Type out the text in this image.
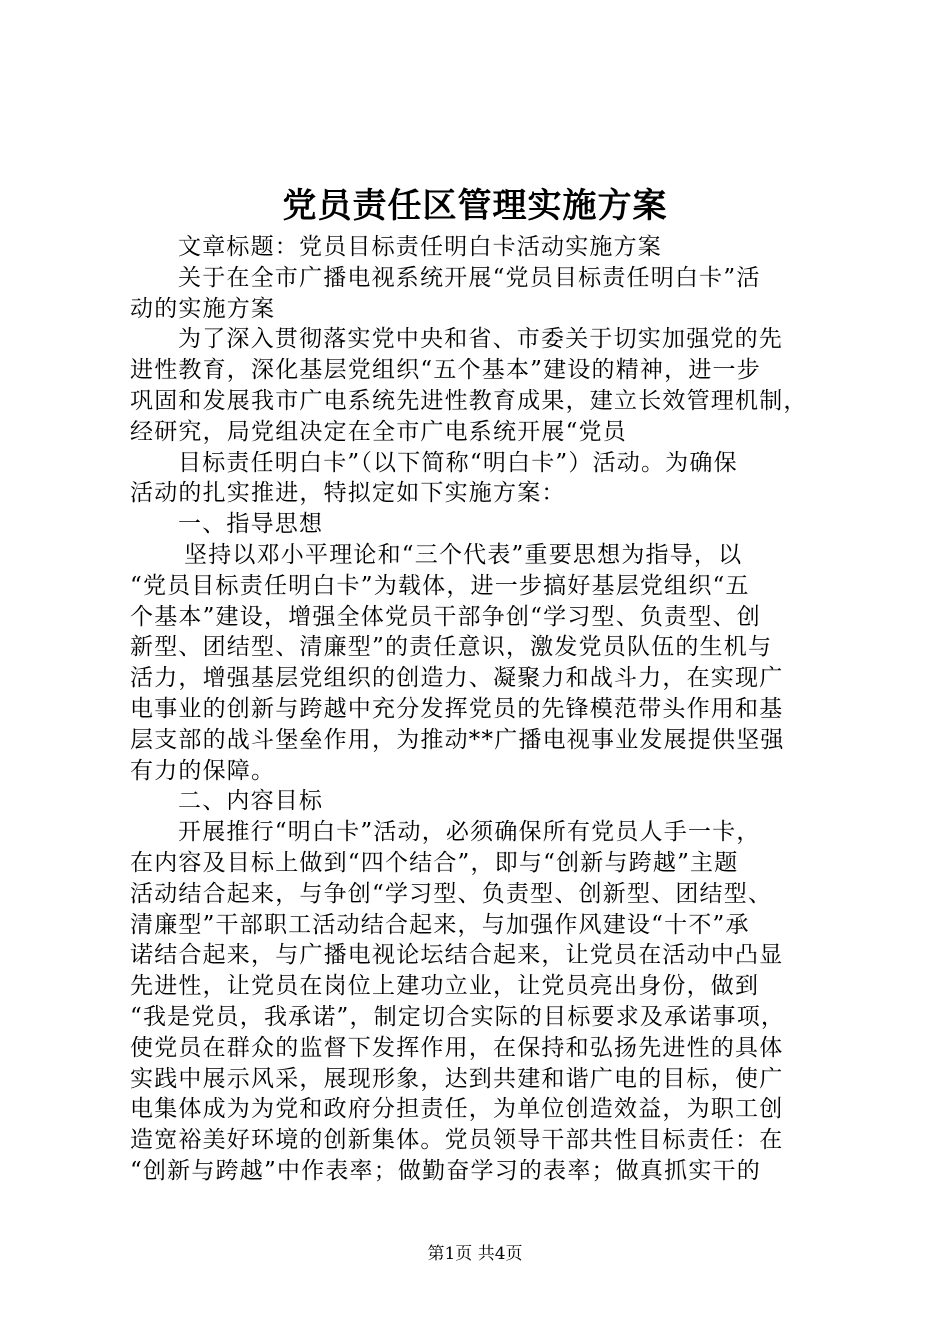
党员责任区管理实施方案
文章标题：党员目标责任明白卡活动实施方案
关于在全市广播电视系统开展“党员目标责任明白卡”活
动的实施方案
为了深入贯彻落实党中央和省、市委关于切实加强党的先
进性教育，深化基层党组织“五个基本”建设的精神，进一步
巩固和发展我市广电系统先进性教育成果，建立长效管理机制，
经研究，局党组决定在全市广电系统开展“党员
目标责任明白卡”（以下简称“明白卡”）活动。为确保
活动的扎实推进，特拟定如下实施方案：
一、指导思想
坚持以邓小平理论和“三个代表”重要思想为指导，以
“党员目标责任明白卡”为载体，进一步搞好基层党组织“五
个基本”建设，增强全体党员干部争创“学习型、负责型、创
新型、团结型、清廉型”的责任意识，激发党员队伍的生机与
活力，增强基层党组织的创造力、凝聚力和战斗力，在实现广
电事业的创新与跨越中充分发挥党员的先锋模范带头作用和基
层支部的战斗堡垒作用，为推动**广播电视事业发展提供坚强
有力的保障。
二、内容目标
开展推行“明白卡”活动，必须确保所有党员人手一卡，
在内容及目标上做到“四个结合”，即与“创新与跨越”主题
活动结合起来，与争创“学习型、负责型、创新型、团结型、
清廉型”干部职工活动结合起来，与加强作风建设“十不”承
诺结合起来，与广播电视论坛结合起来，让党员在活动中凸显
先进性，让党员在岗位上建功立业，让党员亮出身份，做到
“我是党员，我承诺”，制定切合实际的目标要求及承诺事项，
使党员在群众的监督下发挥作用，在保持和弘扬先进性的具体
实践中展示风采，展现形象，达到共建和谐广电的目标，使广
电集体成为为党和政府分担责任，为单位创造效益，为职工创
造宽裕美好环境的创新集体。党员领导干部共性目标责任：在
“创新与跨越”中作表率；做勤奋学习的表率；做真抓实干的
第1页 共4页
